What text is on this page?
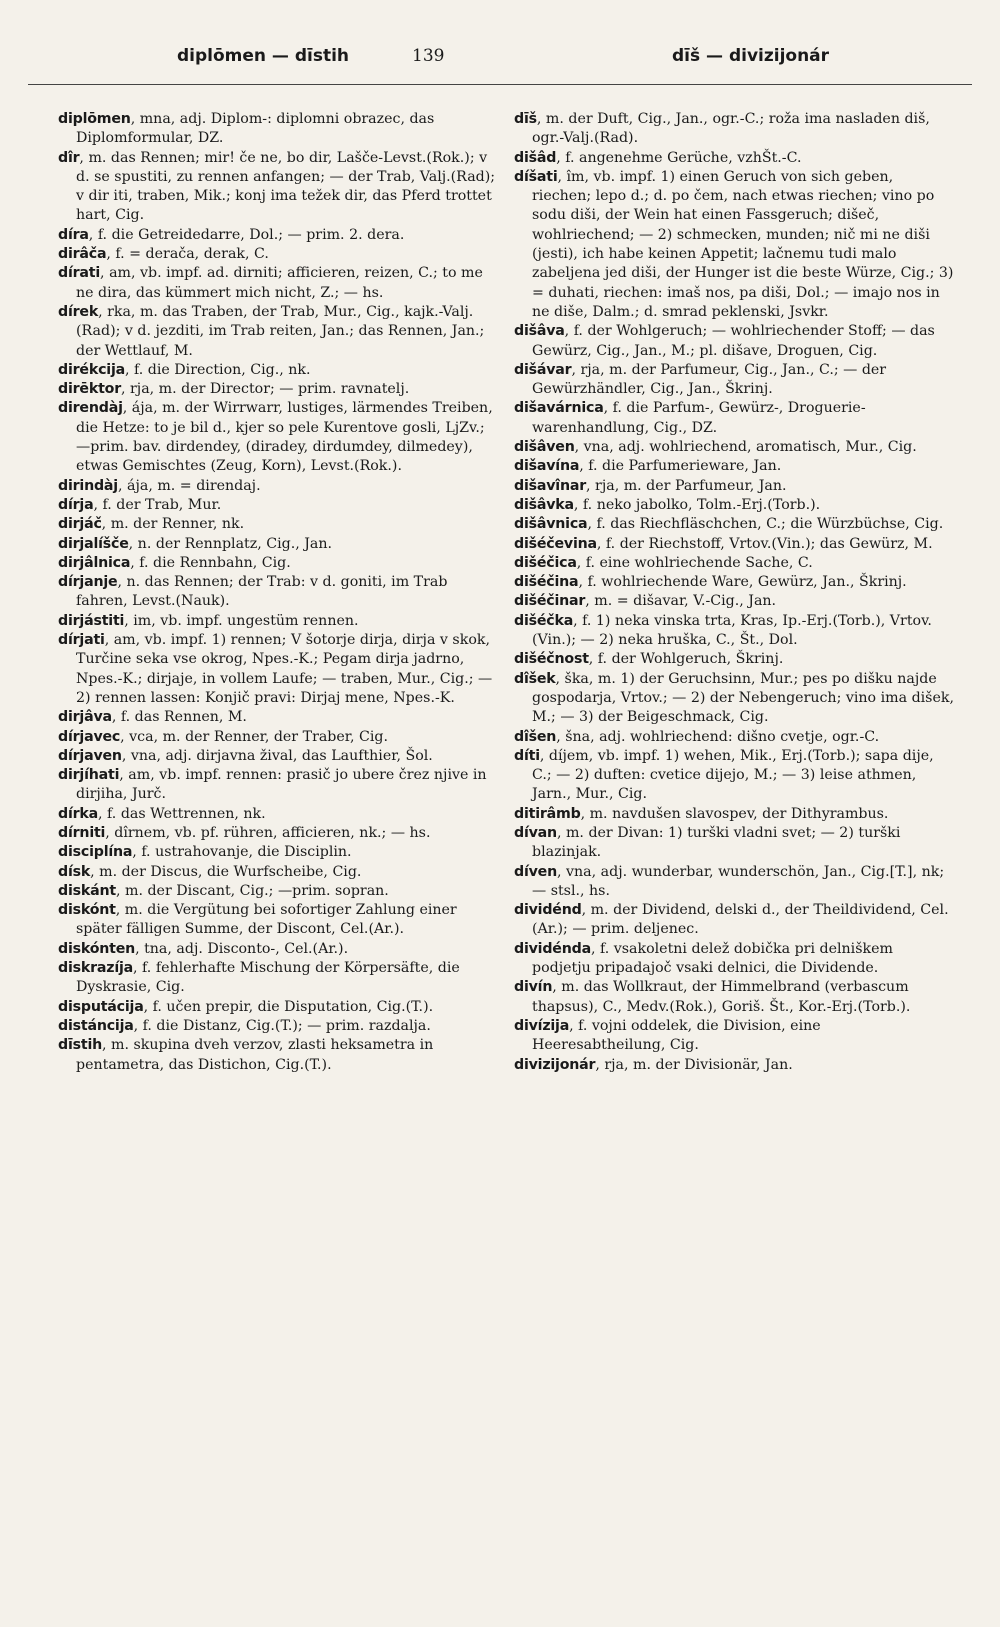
diplōmen — dīstih	139	dīš — divizijonár
diplōmen, mna, adj. Diplom-: diplomni obrazec, das Diplomformular, DZ.
dîr, m. das Rennen; mir! če ne, bo dir, Lašče-Levst.(Rok.); v d. se spustiti, zu rennen anfangen; — der Trab, Valj.(Rad); v dir iti, traben, Mik.; konj ima težek dir, das Pferd trottet hart, Cig.
díra, f. die Getreidedarre, Dol.; — prim. 2. dera.
dirâča, f. = derača, derak, C.
dírati, am, vb. impf. ad. dirniti; afficieren, reizen, C.; to me ne dira, das kümmert mich nicht, Z.; — hs.
dírek, rka, m. das Traben, der Trab, Mur., Cig., kajk.-Valj.(Rad); v d. jezditi, im Trab reiten, Jan.; das Rennen, Jan.; der Wettlauf, M.
dirékcija, f. die Direction, Cig., nk.
dirēktor, rja, m. der Director; — prim. ravnatelj.
direndàj, ája, m. der Wirrwarr, lustiges, lärmendes Treiben, die Hetze: to je bil d., kjer so pele Kurentove gosli, LjZv.; —prim. bav. dirdendey, (diradey, dirdumdey, dilmedey), etwas Gemischtes (Zeug, Korn), Levst.(Rok.).
dirindàj, ája, m. = direndaj.
dírja, f. der Trab, Mur.
dirjáč, m. der Renner, nk.
dirjalíšče, n. der Rennplatz, Cig., Jan.
dirjâlnica, f. die Rennbahn, Cig.
dírjanje, n. das Rennen; der Trab: v d. goniti, im Trab fahren, Levst.(Nauk).
dirjástiti, im, vb. impf. ungestüm rennen.
dírjati, am, vb. impf. 1) rennen; V šotorje dirja, dirja v skok, Turčine seka vse okrog, Npes.-K.; Pegam dirja jadrno, Npes.-K.; dirjaje, in vollem Laufe; — traben, Mur., Cig.; — 2) rennen lassen: Konjič pravi: Dirjaj mene, Npes.-K.
dirjâva, f. das Rennen, M.
dírjavec, vca, m. der Renner, der Traber, Cig.
dírjaven, vna, adj. dirjavna žival, das Laufthier, Šol.
dirjíhati, am, vb. impf. rennen: prasič jo ubere črez njive in dirjiha, Jurč.
dírka, f. das Wettrennen, nk.
dírniti, dîrnem, vb. pf. rühren, afficieren, nk.; — hs.
disciplína, f. ustrahovanje, die Disciplin.
dísk, m. der Discus, die Wurfscheibe, Cig.
diskánt, m. der Discant, Cig.; —prim. sopran.
diskónt, m. die Vergütung bei sofortiger Zahlung einer später fälligen Summe, der Discont, Cel.(Ar.).
diskónten, tna, adj. Disconto-, Cel.(Ar.).
diskrazíja, f. fehlerhafte Mischung der Körpersäfte, die Dyskrasie, Cig.
disputácija, f. učen prepir, die Disputation, Cig.(T.).
distáncija, f. die Distanz, Cig.(T.); — prim. razdalja.
dīstih, m. skupina dveh verzov, zlasti heksametra in pentametra, das Distichon, Cig.(T.).
dīš, m. der Duft, Cig., Jan., ogr.-C.; roža ima nasladen diš, ogr.-Valj.(Rad).
dišâd, f. angenehme Gerüche, vzhŠt.-C.
díšati, îm, vb. impf. 1) einen Geruch von sich geben, riechen; lepo d.; d. po čem, nach etwas riechen; vino po sodu diši, der Wein hat einen Fassgeruch; dišeč, wohlriechend; — 2) schmecken, munden; nič mi ne diši (jesti), ich habe keinen Appetit; lačnemu tudi malo zabeljena jed diši, der Hunger ist die beste Würze, Cig.; 3) = duhati, riechen: imaš nos, pa diši, Dol.; — imajo nos in ne diše, Dalm.; d. smrad peklenski, Jsvkr.
dišâva, f. der Wohlgeruch; — wohlriechender Stoff; — das Gewürz, Cig., Jan., M.; pl. dišave, Droguen, Cig.
dišávar, rja, m. der Parfumeur, Cig., Jan., C.; — der Gewürzhändler, Cig., Jan., Škrinj.
dišavárnica, f. die Parfum-, Gewürz-, Drogueriewarenhandlung, Cig., DZ.
dišâven, vna, adj. wohlriechend, aromatisch, Mur., Cig.
dišavína, f. die Parfumerieware, Jan.
dišavînar, rja, m. der Parfumeur, Jan.
dišâvka, f. neko jabolko, Tolm.-Erj.(Torb.).
dišâvnica, f. das Riechfläschchen, C.; die Würzbüchse, Cig.
dišéčevina, f. der Riechstoff, Vrtov.(Vin.); das Gewürz, M.
dišéčica, f. eine wohlriechende Sache, C.
dišéčina, f. wohlriechende Ware, Gewürz, Jan., Škrinj.
dišéčinar, m. = dišavar, V.-Cig., Jan.
dišéčka, f. 1) neka vinska trta, Kras, Ip.-Erj.(Torb.), Vrtov.(Vin.); — 2) neka hruška, C., Št., Dol.
dišéčnost, f. der Wohlgeruch, Škrinj.
dîšek, ška, m. 1) der Geruchsinn, Mur.; pes po dišku najde gospodarja, Vrtov.; — 2) der Nebengeruch; vino ima dišek, M.; — 3) der Beigeschmack, Cig.
dîšen, šna, adj. wohlriechend: dišno cvetje, ogr.-C.
díti, díjem, vb. impf. 1) wehen, Mik., Erj.(Torb.); sapa dije, C.; — 2) duften: cvetice dijejo, M.; — 3) leise athmen, Jarn., Mur., Cig.
ditirâmb, m. navdušen slavospev, der Dithyrambus.
dívan, m. der Divan: 1) turški vladni svet; — 2) turški blazinjak.
díven, vna, adj. wunderbar, wunderschön, Jan., Cig.[T.], nk; — stsl., hs.
dividénd, m. der Dividend, delski d., der Theildividend, Cel.(Ar.); — prim. deljenec.
dividénda, f. vsakoletni delež dobička pri delniškem podjetju pripadajoč vsaki delnici, die Dividende.
divín, m. das Wollkraut, der Himmelbrand (verbascum thapsus), C., Medv.(Rok.), Goriš. Št., Kor.-Erj.(Torb.).
divízija, f. vojni oddelek, die Division, eine Heeresabtheilung, Cig.
divizijonár, rja, m. der Divisionär, Jan.
